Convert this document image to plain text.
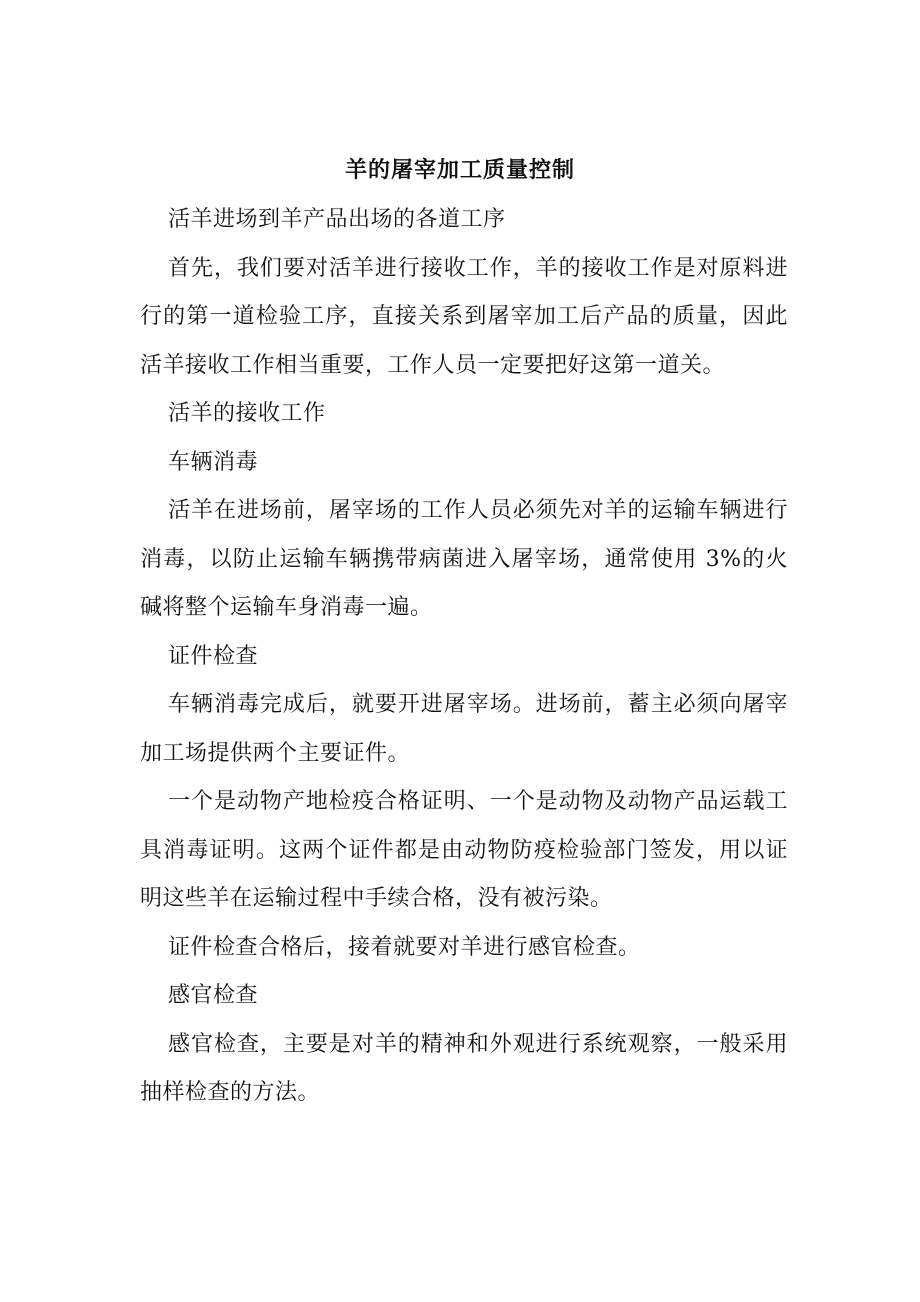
羊的屠宰加工质量控制

活羊进场到羊产品出场的各道工序

首先，我们要对活羊进行接收工作，羊的接收工作是对原料进行的第一道检验工序，直接关系到屠宰加工后产品的质量，因此活羊接收工作相当重要，工作人员一定要把好这第一道关。

活羊的接收工作

车辆消毒

活羊在进场前，屠宰场的工作人员必须先对羊的运输车辆进行消毒，以防止运输车辆携带病菌进入屠宰场，通常使用 3%的火碱将整个运输车身消毒一遍。

证件检查

车辆消毒完成后，就要开进屠宰场。进场前，蓄主必须向屠宰加工场提供两个主要证件。

一个是动物产地检疫合格证明、一个是动物及动物产品运载工具消毒证明。这两个证件都是由动物防疫检验部门签发，用以证明这些羊在运输过程中手续合格，没有被污染。

证件检查合格后，接着就要对羊进行感官检查。

感官检查

感官检查，主要是对羊的精神和外观进行系统观察，一般采用抽样检查的方法。
